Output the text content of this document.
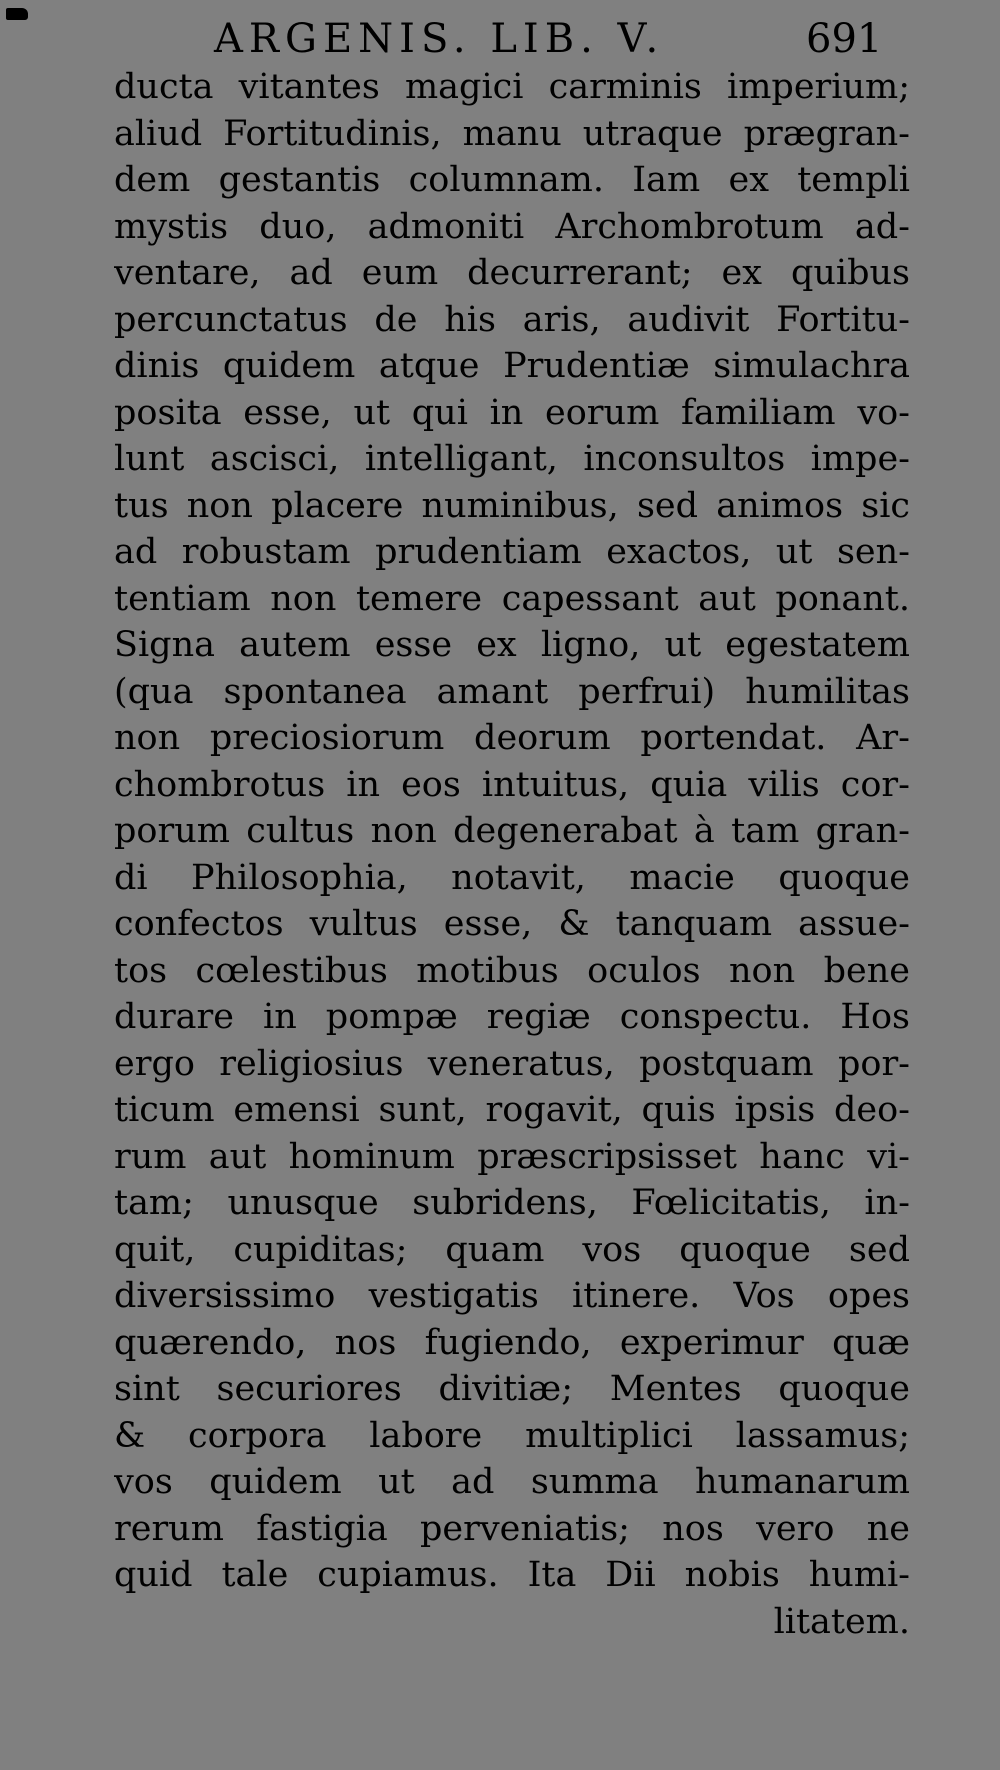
ARGENIS. LIB. V.	691
ducta vitantes magici carminis imperium;
aliud Fortitudinis, manu utraque prægran-
dem gestantis columnam. Iam ex templi
mystis duo, admoniti Archombrotum ad-
ventare, ad eum decurrerant; ex quibus
percunctatus de his aris, audivit Fortitu-
dinis quidem atque Prudentiæ simulachra
posita esse, ut qui in eorum familiam vo-
lunt ascisci, intelligant, inconsultos impe-
tus non placere numinibus, sed animos sic
ad robustam prudentiam exactos, ut sen-
tentiam non temere capessant aut ponant.
Signa autem esse ex ligno, ut egestatem
(qua spontanea amant perfrui) humilitas
non preciosiorum deorum portendat. Ar-
chombrotus in eos intuitus, quia vilis cor-
porum cultus non degenerabat à tam gran-
di Philosophia, notavit, macie quoque
confectos vultus esse, & tanquam assue-
tos cœlestibus motibus oculos non bene
durare in pompæ regiæ conspectu. Hos
ergo religiosius veneratus, postquam por-
ticum emensi sunt, rogavit, quis ipsis deo-
rum aut hominum præscripsisset hanc vi-
tam; unusque subridens, Fœlicitatis, in-
quit, cupiditas; quam vos quoque sed
diversissimo vestigatis itinere. Vos opes
quærendo, nos fugiendo, experimur quæ
sint securiores divitiæ; Mentes quoque
& corpora labore multiplici lassamus;
vos quidem ut ad summa humanarum
rerum fastigia perveniatis; nos vero ne
quid tale cupiamus. Ita Dii nobis humi-
litatem.
